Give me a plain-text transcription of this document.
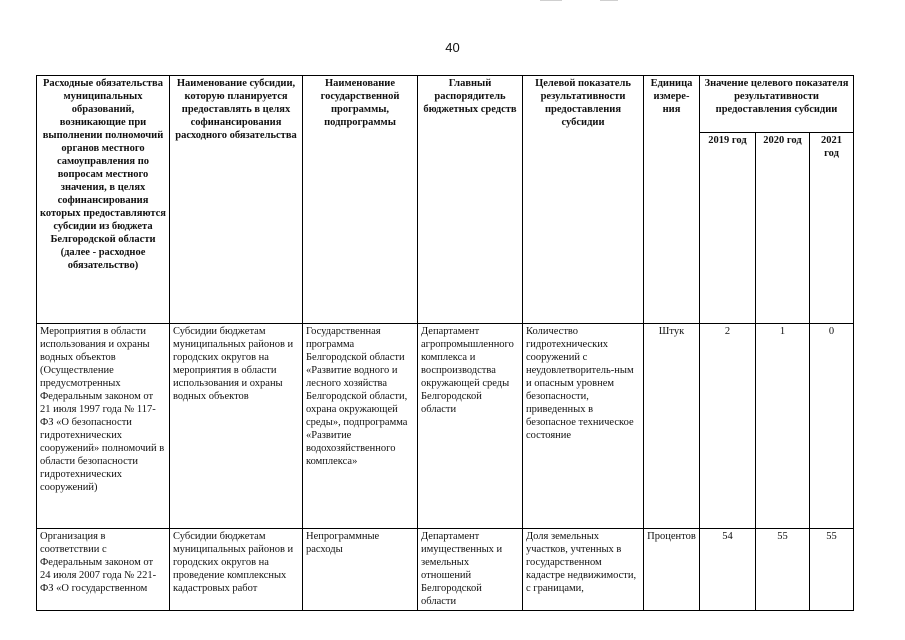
40
Расходные обязательства муниципальных образований, возникающие при выполнении полномочий органов местного самоуправления по вопросам местного значения, в целях софинансирования которых предоставляются субсидии из бюджета Белгородской области (далее - расходное обязательство)	Наименование субсидии, которую планируется предоставлять в целях софинансирования расходного обязательства	Наименование государственной программы, подпрограммы	Главный распорядитель бюджетных средств	Целевой показатель результативности предоставления субсидии	Единица измере-ния	Значение целевого показателя результативности предоставления субсидии		
						2019 год	2020 год	2021 год
Мероприятия в области использования и охраны водных объектов (Осуществление предусмотренных Федеральным законом от 21 июля 1997 года № 117-ФЗ «О безопасности гидротехнических сооружений» полномочий в области безопасности гидротехнических сооружений)	Субсидии бюджетам муниципальных районов и городских округов на мероприятия в области использования и охраны водных объектов	Государственная программа Белгородской области «Развитие водного и лесного хозяйства Белгородской области, охрана окружающей среды», подпрограмма «Развитие водохозяйственного комплекса»	Департамент агропромышленного комплекса и воспроизводства окружающей среды Белгородской области	Количество гидротехнических сооружений с неудовлетворитель-ным и опасным уровнем безопасности, приведенных в безопасное техническое состояние	Штук	2	1	0
Организация в соответствии с Федеральным законом от 24 июля 2007 года № 221-ФЗ «О государственном	Субсидии бюджетам муниципальных районов и городских округов на проведение комплексных кадастровых работ	Непрограммные расходы	Департамент имущественных и земельных отношений Белгородской области	Доля земельных участков, учтенных в государственном кадастре недвижимости, с границами,	Процентов	54	55	55
